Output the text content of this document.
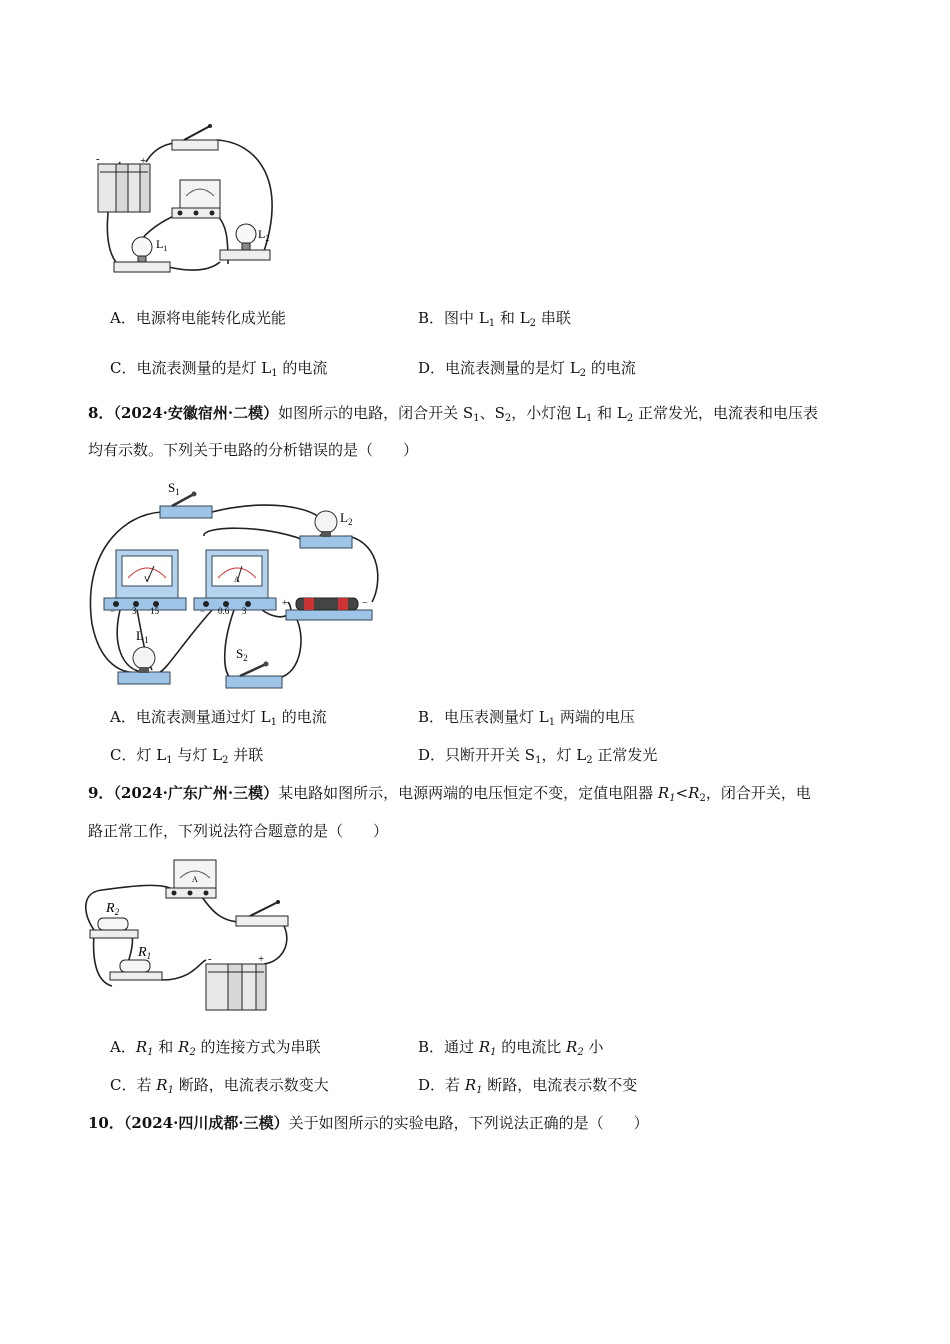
-	+
$L_1$
$L_2$
A．电源将电能转化成光能	B．图中 $L_1$ 和 $L_2$ 串联
C．电流表测量的是灯 $L_1$ 的电流	D．电流表测量的是灯 $L_2$ 的电流
8．（2024·安徽宿州·二模）如图所示的电路，闭合开关 $S_1$、$S_2$，小灯泡 $L_1$ 和 $L_2$ 正常发光，电流表和电压表
均有示数。下列关于电路的分析错误的是（　　）
$S_1$
$L_2$
V
− 3 15
A
− 0.6 3
+	−
$L_1$
$S_2$
A．电流表测量通过灯 $L_1$ 的电流	B．电压表测量灯 $L_1$ 两端的电压
C．灯 $L_1$ 与灯 $L_2$ 并联	D．只断开开关 $S_1$，灯 $L_2$ 正常发光
9．（2024·广东广州·三模）某电路如图所示，电源两端的电压恒定不变，定值电阻器 $R_1<R_2$，闭合开关，电
路正常工作，下列说法符合题意的是（　　）
A
$R_2$
$R_1$	-	+
A．$R_1$ 和 $R_2$ 的连接方式为串联	B．通过 $R_1$ 的电流比 $R_2$ 小
C．若 $R_1$ 断路，电流表示数变大	D．若 $R_1$ 断路，电流表示数不变
10．（2024·四川成都·三模）关于如图所示的实验电路，下列说法正确的是（　　）
